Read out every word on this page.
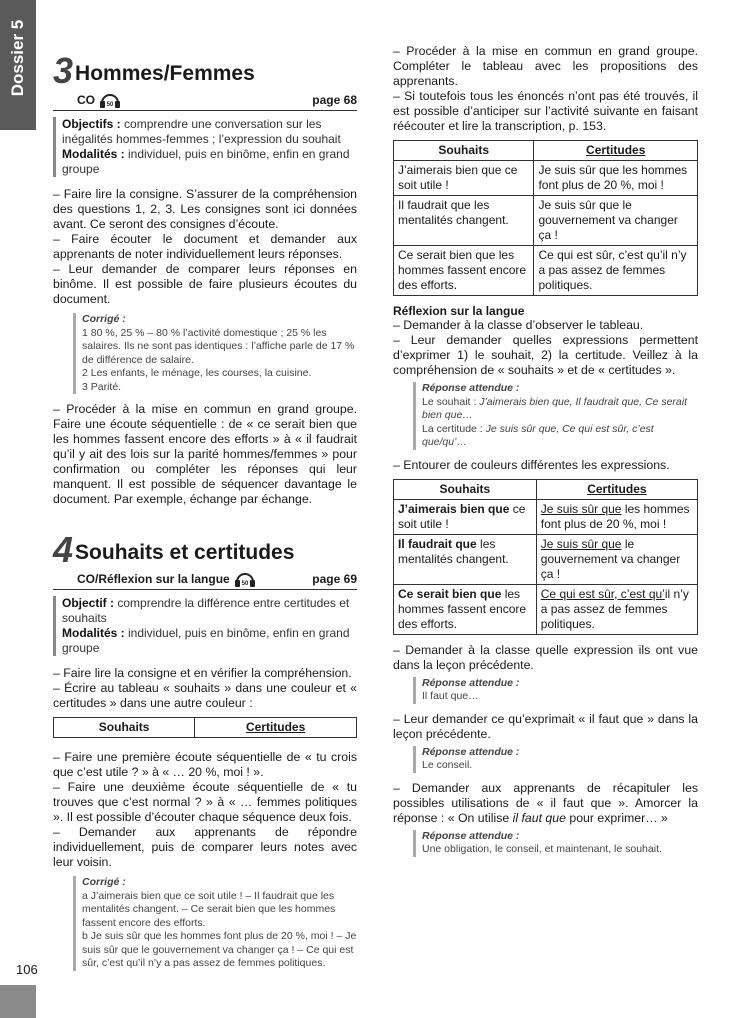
Dossier 5
106
3 Hommes/Femmes
CO 50	page 68
Objectifs : comprendre une conversation sur les inégalités hommes-femmes ; l’expression du souhait
Modalités : individuel, puis en binôme, enfin en grand groupe

– Faire lire la consigne. S’assurer de la compréhension des questions 1, 2, 3. Les consignes sont ici données avant. Ce seront des consignes d’écoute.

– Faire écouter le document et demander aux apprenants de noter individuellement leurs réponses.

– Leur demander de comparer leurs réponses en binôme. Il est possible de faire plusieurs écoutes du document.

Corrigé :
1 80 %, 25 % – 80 % l’activité domestique ; 25 % les salaires. Ils ne sont pas identiques : l’affiche parle de 17 % de différence de salaire.
2 Les enfants, le ménage, les courses, la cuisine.
3 Parité.

– Procéder à la mise en commun en grand groupe. Faire une écoute séquentielle : de « ce serait bien que les hommes fassent encore des efforts » à « il faudrait qu’il y ait des lois sur la parité hommes/femmes » pour confirmation ou compléter les réponses qui leur manquent. Il est possible de séquencer davantage le document. Par exemple, échange par échange.

4 Souhaits et certitudes
CO/Réflexion sur la langue 50	page 69
Objectif : comprendre la différence entre certitudes et souhaits
Modalités : individuel, puis en binôme, enfin en grand groupe

– Faire lire la consigne et en vérifier la compréhension.

– Écrire au tableau « souhaits » dans une couleur et « certitudes » dans une autre couleur :

Souhaits	Certitudes

– Faire une première écoute séquentielle de « tu crois que c’est utile ? » à « … 20 %, moi ! ».

– Faire une deuxième écoute séquentielle de « tu trouves que c’est normal ? » à « … femmes politiques ». Il est possible d’écouter chaque séquence deux fois.

– Demander aux apprenants de répondre individuellement, puis de comparer leurs notes avec leur voisin.

Corrigé :
a J’aimerais bien que ce soit utile ! – Il faudrait que les mentalités changent. – Ce serait bien que les hommes fassent encore des efforts.
b Je suis sûr que les hommes font plus de 20 %, moi ! – Je suis sûr que le gouvernement va changer ça ! – Ce qui est sûr, c’est qu’il n’y a pas assez de femmes politiques.

– Procéder à la mise en commun en grand groupe. Compléter le tableau avec les propositions des apprenants.

– Si toutefois tous les énoncés n’ont pas été trouvés, il est possible d’anticiper sur l’activité suivante en faisant réécouter et lire la transcription, p. 153.

Souhaits	Certitudes
J’aimerais bien que ce soit utile !	Je suis sûr que les hommes font plus de 20 %, moi !
Il faudrait que les mentalités changent.	Je suis sûr que le gouvernement va changer ça !
Ce serait bien que les hommes fassent encore des efforts.	Ce qui est sûr, c’est qu’il n’y a pas assez de femmes politiques.
Réflexion sur la langue

– Demander à la classe d’observer le tableau.

– Leur demander quelles expressions permettent d’exprimer 1) le souhait, 2) la certitude. Veillez à la compréhension de « souhaits » et de « certitudes ».

Réponse attendue :
Le souhait : J’aimerais bien que, Il faudrait que, Ce serait bien que…
La certitude : Je suis sûr que, Ce qui est sûr, c’est que/qu’…

– Entourer de couleurs différentes les expressions.

Souhaits	Certitudes
J’aimerais bien que ce soit utile !	Je suis sûr que les hommes font plus de 20 %, moi !
Il faudrait que les mentalités changent.	Je suis sûr que le gouvernement va changer ça !
Ce serait bien que les hommes fassent encore des efforts.	Ce qui est sûr, c’est qu’il n’y a pas assez de femmes politiques.

– Demander à la classe quelle expression ils ont vue dans la leçon précédente.

Réponse attendue :
Il faut que…

– Leur demander ce qu’exprimait « il faut que » dans la leçon précédente.

Réponse attendue :
Le conseil.

– Demander aux apprenants de récapituler les possibles utilisations de « il faut que ». Amorcer la réponse : « On utilise il faut que pour exprimer… »

Réponse attendue :
Une obligation, le conseil, et maintenant, le souhait.
